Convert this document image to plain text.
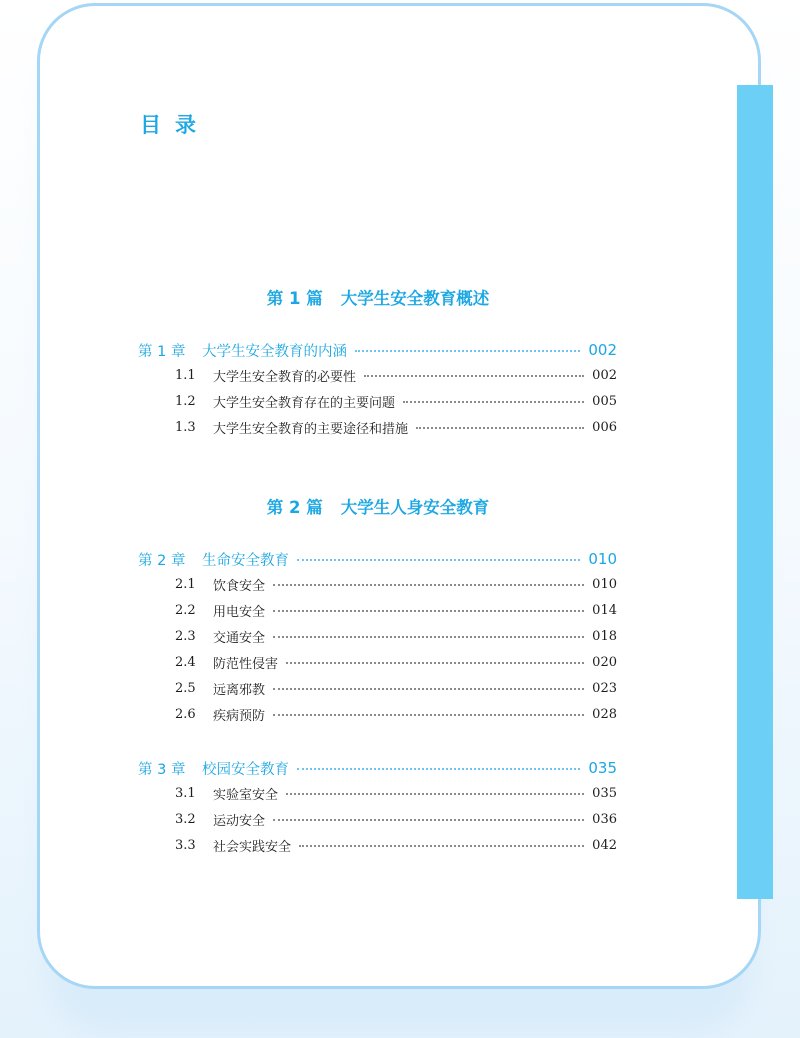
目录
第 1 篇 大学生安全教育概述
第 1 章	大学生安全教育的内涵	002
1.1	大学生安全教育的必要性	002
1.2	大学生安全教育存在的主要问题	005
1.3	大学生安全教育的主要途径和措施	006
第 2 篇 大学生人身安全教育
第 2 章	生命安全教育	010
2.1	饮食安全	010
2.2	用电安全	014
2.3	交通安全	018
2.4	防范性侵害	020
2.5	远离邪教	023
2.6	疾病预防	028
第 3 章	校园安全教育	035
3.1	实验室安全	035
3.2	运动安全	036
3.3	社会实践安全	042
